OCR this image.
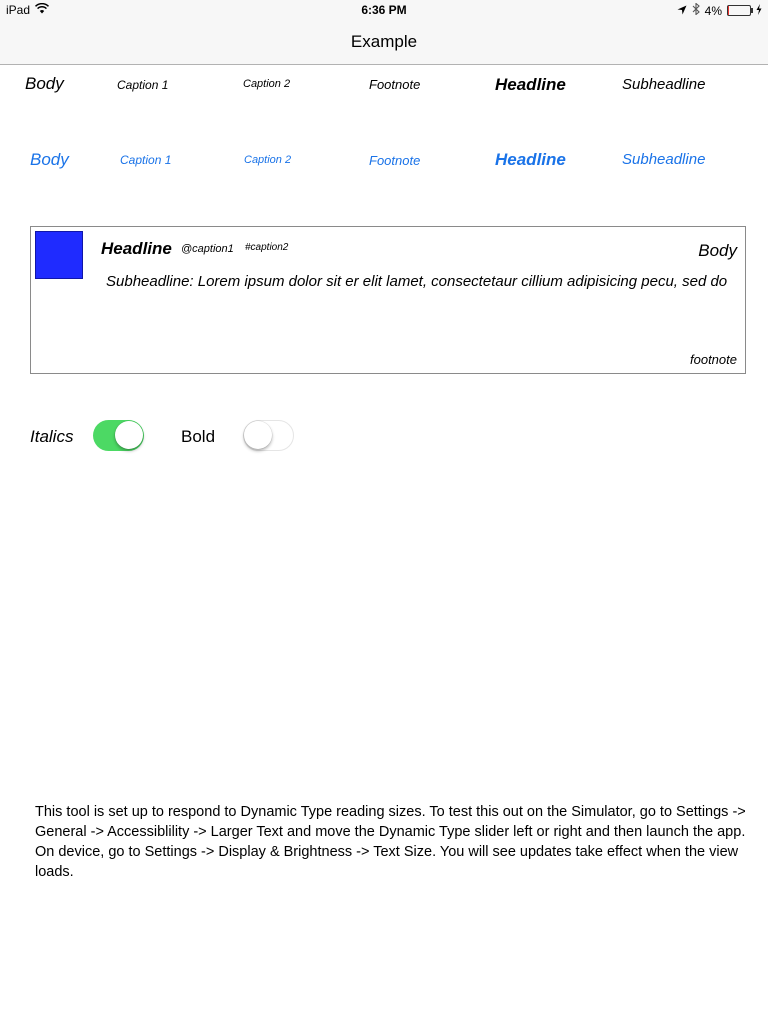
iPad	6:36 PM	4%
Example
Body	Caption 1	Caption 2	Footnote	Headline	Subheadline
Body	Caption 1	Caption 2	Footnote	Headline	Subheadline
Headline @caption1 #caption2	Body
Subheadline: Lorem ipsum dolor sit er elit lamet, consectetaur cillium adipisicing pecu, sed do
footnote
Italics	Bold
This tool is set up to respond to Dynamic Type reading sizes. To test this out on the Simulator, go to Settings -> General -> Accessiblility -> Larger Text and move the Dynamic Type slider left or right and then launch the app. On device, go to Settings -> Display & Brightness -> Text Size. You will see updates take effect when the view loads.
